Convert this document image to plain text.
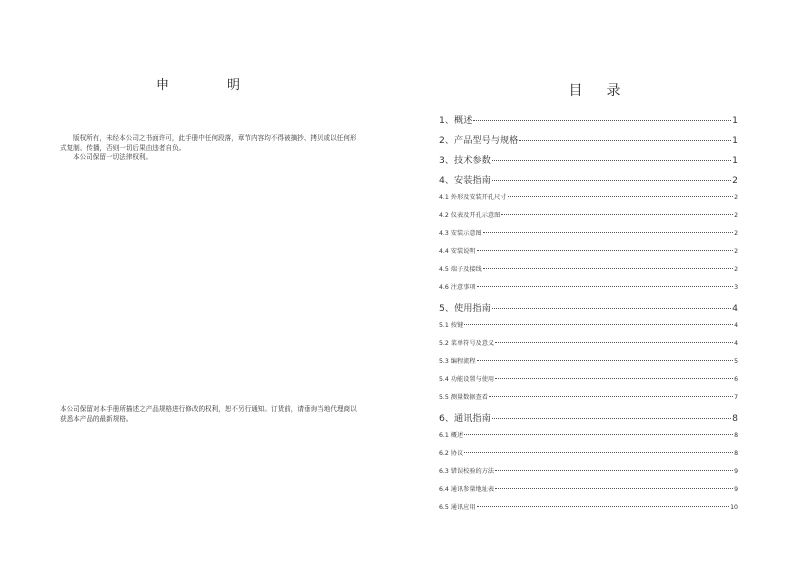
申明

版权所有，未经本公司之书面许可，此手册中任何段落，章节内容均不得被摘抄、拷贝或以任何形式复制、传播，否则一切后果由违者自负。

本公司保留一切法律权利。

本公司保留对本手册所描述之产品规格进行修改的权利，恕不另行通知。订货前，请垂询当地代理商以获悉本产品的最新规格。

目录
1、概述	1
2、产品型号与规格	1
3、技术参数	1
4、安装指南	2
4.1 外形及安装开孔尺寸	2
4.2 仪表及开孔示意图	2
4.3 安装示意图	2
4.4 安装说明	2
4.5 端子及接线	2
4.6 注意事项	3
5、使用指南	4
5.1 按键	4
5.2 菜单符号及意义	4
5.3 编程流程	5
5.4 功能设置与使用	6
5.5 测量数据查看	7
6、通讯指南	8
6.1 概述	8
6.2 协议	8
6.3 错误校验的方法	9
6.4 通讯参量地址表	9
6.5 通讯应用	10
